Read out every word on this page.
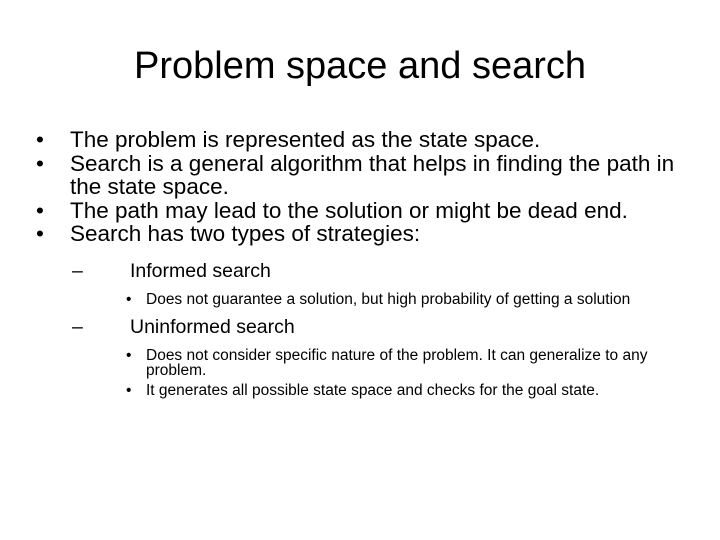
Problem space and search
• The problem is represented as the state space.
• Search is a general algorithm that helps in finding the path in the state space.
• The path may lead to the solution or might be dead end.
• Search has two types of strategies:
– Informed search
• Does not guarantee a solution, but high probability of getting a solution
– Uninformed search
• Does not consider specific nature of the problem. It can generalize to any problem.
• It generates all possible state space and checks for the goal state.
